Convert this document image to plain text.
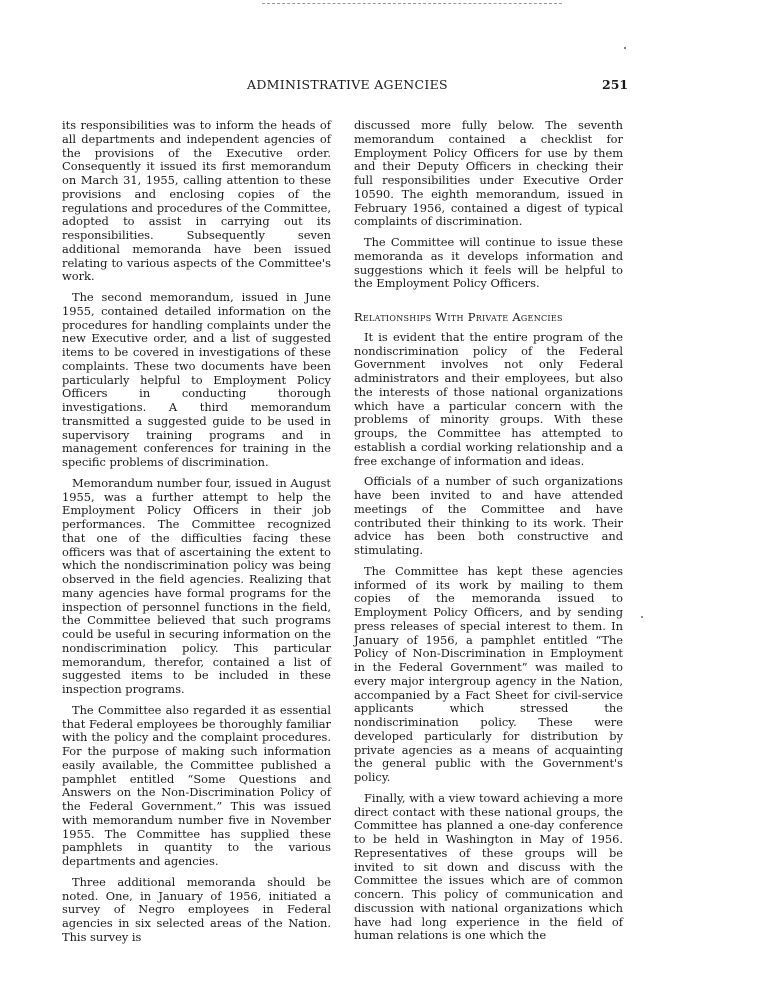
ADMINISTRATIVE AGENCIES	251

its responsibilities was to inform the heads of all departments and independent agencies of the provisions of the Executive order. Consequently it issued its first memorandum on March 31, 1955, calling attention to these provisions and enclosing copies of the regulations and procedures of the Committee, adopted to assist in carrying out its responsibilities. Subsequently seven additional memoranda have been issued relating to various aspects of the Committee's work.

The second memorandum, issued in June 1955, contained detailed information on the procedures for handling complaints under the new Executive order, and a list of suggested items to be covered in investigations of these complaints. These two documents have been particularly helpful to Employment Policy Officers in conducting thorough investigations. A third memorandum transmitted a suggested guide to be used in supervisory training programs and in management conferences for training in the specific problems of discrimination.

Memorandum number four, issued in August 1955, was a further attempt to help the Employment Policy Officers in their job performances. The Committee recognized that one of the difficulties facing these officers was that of ascertaining the extent to which the nondiscrimination policy was being observed in the field agencies. Realizing that many agencies have formal programs for the inspection of personnel functions in the field, the Committee believed that such programs could be useful in securing information on the nondiscrimination policy. This particular memorandum, therefor, contained a list of suggested items to be included in these inspection programs.

The Committee also regarded it as essential that Federal employees be thoroughly familiar with the policy and the complaint procedures. For the purpose of making such information easily available, the Committee published a pamphlet entitled “Some Questions and Answers on the Non-Discrimination Policy of the Federal Government.” This was issued with memorandum number five in November 1955. The Committee has supplied these pamphlets in quantity to the various departments and agencies.

Three additional memoranda should be noted. One, in January of 1956, initiated a survey of Negro employees in Federal agencies in six selected areas of the Nation. This survey is

discussed more fully below. The seventh memorandum contained a checklist for Employment Policy Officers for use by them and their Deputy Officers in checking their full responsibilities under Executive Order 10590. The eighth memorandum, issued in February 1956, contained a digest of typical complaints of discrimination.

The Committee will continue to issue these memoranda as it develops information and suggestions which it feels will be helpful to the Employment Policy Officers.

Relationships With Private Agencies

It is evident that the entire program of the nondiscrimination policy of the Federal Government involves not only Federal administrators and their employees, but also the interests of those national organizations which have a particular concern with the problems of minority groups. With these groups, the Committee has attempted to establish a cordial working relationship and a free exchange of information and ideas.

Officials of a number of such organizations have been invited to and have attended meetings of the Committee and have contributed their thinking to its work. Their advice has been both constructive and stimulating.

The Committee has kept these agencies informed of its work by mailing to them copies of the memoranda issued to Employment Policy Officers, and by sending press releases of special interest to them. In January of 1956, a pamphlet entitled “The Policy of Non-Discrimination in Employment in the Federal Government” was mailed to every major intergroup agency in the Nation, accompanied by a Fact Sheet for civil-service applicants which stressed the nondiscrimination policy. These were developed particularly for distribution by private agencies as a means of acquainting the general public with the Government's policy.

Finally, with a view toward achieving a more direct contact with these national groups, the Committee has planned a one-day conference to be held in Washington in May of 1956. Representatives of these groups will be invited to sit down and discuss with the Committee the issues which are of common concern. This policy of communication and discussion with national organizations which have had long experience in the field of human relations is one which the
